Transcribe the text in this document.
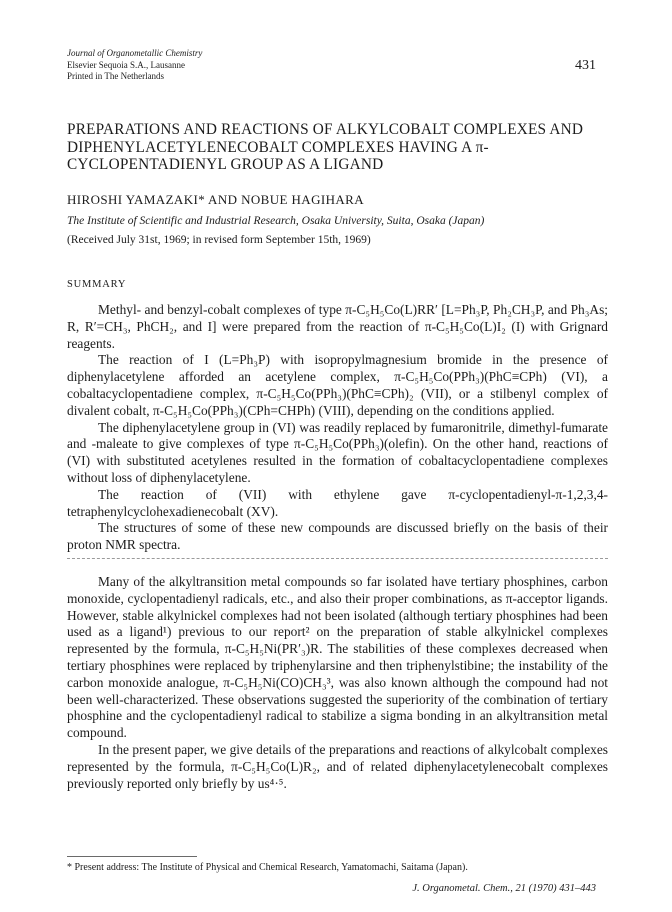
Journal of Organometallic Chemistry
Elsevier Sequoia S.A., Lausanne
Printed in The Netherlands
431
PREPARATIONS AND REACTIONS OF ALKYLCOBALT COMPLEXES AND DIPHENYLACETYLENECOBALT COMPLEXES HAVING A π-CYCLOPENTADIENYL GROUP AS A LIGAND
HIROSHI YAMAZAKI* AND NOBUE HAGIHARA
The Institute of Scientific and Industrial Research, Osaka University, Suita, Osaka (Japan)
(Received July 31st, 1969; in revised form September 15th, 1969)
SUMMARY

Methyl- and benzyl-cobalt complexes of type π-C₅H₅Co(L)RR′ [L=Ph₃P, Ph₂CH₃P, and Ph₃As; R, R′=CH₃, PhCH₂, and I] were prepared from the reaction of π-C₅H₅Co(L)I₂ (I) with Grignard reagents.

The reaction of I (L=Ph₃P) with isopropylmagnesium bromide in the presence of diphenylacetylene afforded an acetylene complex, π-C₅H₅Co(PPh₃)(PhC≡CPh) (VI), a cobaltacyclopentadiene complex, π-C₅H₅Co(PPh₃)(PhC≡CPh)₂ (VII), or a stilbenyl complex of divalent cobalt, π-C₅H₅Co(PPh₃)(CPh=CHPh) (VIII), depending on the conditions applied.

The diphenylacetylene group in (VI) was readily replaced by fumaronitrile, dimethyl-fumarate and -maleate to give complexes of type π-C₅H₅Co(PPh₃)(olefin). On the other hand, reactions of (VI) with substituted acetylenes resulted in the formation of cobaltacyclopentadiene complexes without loss of diphenylacetylene.

The reaction of (VII) with ethylene gave π-cyclopentadienyl-π-1,2,3,4-tetraphenylcyclohexadienecobalt (XV).

The structures of some of these new compounds are discussed briefly on the basis of their proton NMR spectra.

Many of the alkyltransition metal compounds so far isolated have tertiary phosphines, carbon monoxide, cyclopentadienyl radicals, etc., and also their proper combinations, as π-acceptor ligands. However, stable alkylnickel complexes had not been isolated (although tertiary phosphines had been used as a ligand¹) previous to our report² on the preparation of stable alkylnickel complexes represented by the formula, π-C₅H₅Ni(PR′₃)R. The stabilities of these complexes decreased when tertiary phosphines were replaced by triphenylarsine and then triphenylstibine; the instability of the carbon monoxide analogue, π-C₅H₅Ni(CO)CH₃³, was also known although the compound had not been well-characterized. These observations suggested the superiority of the combination of tertiary phosphine and the cyclopentadienyl radical to stabilize a sigma bonding in an alkyltransition metal compound.

In the present paper, we give details of the preparations and reactions of alkylcobalt complexes represented by the formula, π-C₅H₅Co(L)R₂, and of related diphenylacetylenecobalt complexes previously reported only briefly by us⁴·⁵.

* Present address: The Institute of Physical and Chemical Research, Yamatomachi, Saitama (Japan).
J. Organometal. Chem., 21 (1970) 431–443
